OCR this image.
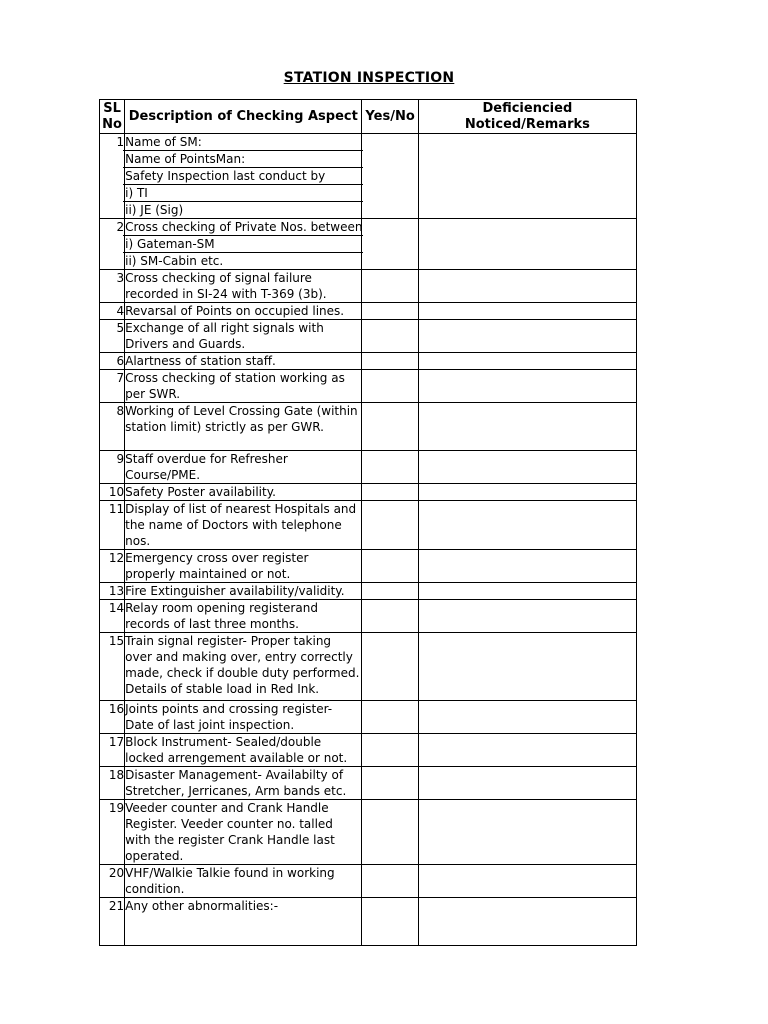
STATION INSPECTION
SL
No	Description of Checking Aspect	Yes/No	Deficiencied Noticed/Remarks
1	Name of SM:
Name of PointsMan:
Safety Inspection last conduct by
i) TI
ii) JE (Sig)		

2	Cross checking of Private Nos. between
i) Gateman-SM
ii) SM-Cabin etc.		

3	Cross checking of signal failure recorded in SI-24 with T-369 (3b).		
4	Revarsal of Points on occupied lines.		
5	Exchange of all right signals with Drivers and Guards.		
6	Alartness of station staff.		
7	Cross checking of station working as per SWR.		
8	Working of Level Crossing Gate (within station limit) strictly as per GWR.		
9	Staff overdue for Refresher Course/PME.		
10	Safety Poster availability.		
11	Display of list of nearest Hospitals and the name of Doctors with telephone nos.		
12	Emergency cross over register properly maintained or not.		
13	Fire Extinguisher availability/validity.		
14	Relay room opening registerand records of last three months.		
15	Train signal register- Proper taking over and making over, entry correctly made, check if double duty performed. Details of stable load in Red Ink.		
16	Joints points and crossing register- Date of last joint inspection.		
17	Block Instrument- Sealed/double locked arrengement available or not.		
18	Disaster Management- Availabilty of Stretcher, Jerricanes, Arm bands etc.		
19	Veeder counter and Crank Handle Register. Veeder counter no. talled with the register Crank Handle last operated.		
20	VHF/Walkie Talkie found in working condition.		
21	Any other abnormalities:-		
